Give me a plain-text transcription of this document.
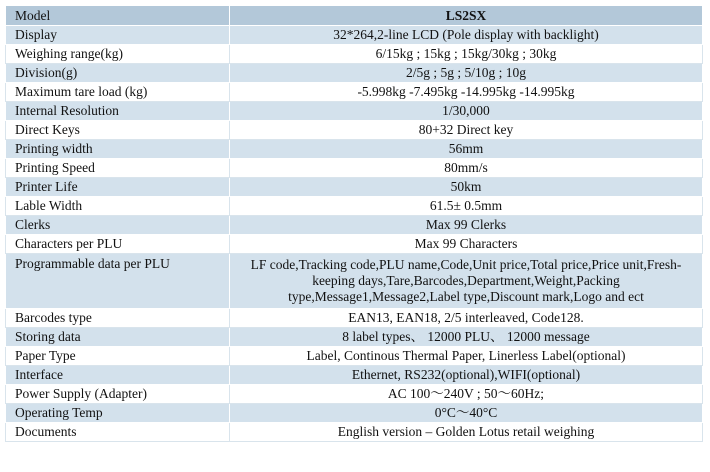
Model	LS2SX
Display	32*264,2-line LCD (Pole display with backlight)
Weighing range(kg)	6/15kg ; 15kg ; 15kg/30kg ; 30kg
Division(g)	2/5g ; 5g ; 5/10g ; 10g
Maximum tare load (kg)	-5.998kg -7.495kg -14.995kg -14.995kg
Internal Resolution	1/30,000
Direct Keys	80+32 Direct key
Printing width	56mm
Printing Speed	80mm/s
Printer Life	50km
Lable Width	61.5± 0.5mm
Clerks	Max 99 Clerks
Characters per PLU	Max 99 Characters
Programmable data per PLU	LF code,Tracking code,PLU name,Code,Unit price,Total price,Price unit,Fresh-keeping days,Tare,Barcodes,Department,Weight,Packing type,Message1,Message2,Label type,Discount mark,Logo and ect
Barcodes type	EAN13, EAN18, 2/5 interleaved, Code128.
Storing data	8 label types、 12000 PLU、 12000 message
Paper Type	Label, Continous Thermal Paper, Linerless Label(optional)
Interface	Ethernet, RS232(optional),WIFI(optional)
Power Supply (Adapter)	AC 100～240V ; 50～60Hz;
Operating Temp	0°C～40°C
Documents	English version – Golden Lotus retail weighing
